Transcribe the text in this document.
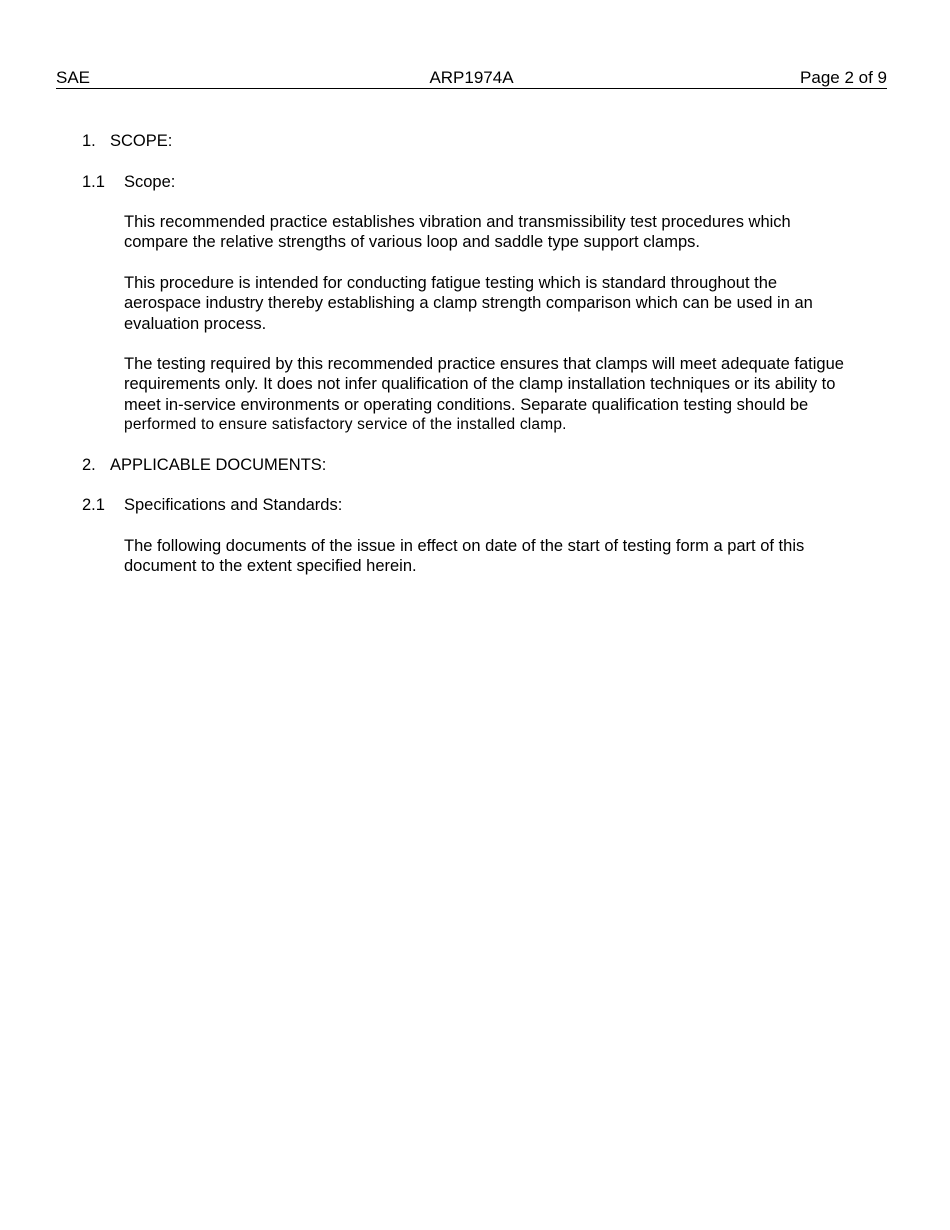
SAE	ARP1974A	Page 2 of 9
1. SCOPE:
1.1 Scope:
This recommended practice establishes vibration and transmissibility test procedures which
compare the relative strengths of various loop and saddle type support clamps.
This procedure is intended for conducting fatigue testing which is standard throughout the
aerospace industry thereby establishing a clamp strength comparison which can be used in an
evaluation process.
The testing required by this recommended practice ensures that clamps will meet adequate fatigue
requirements only. It does not infer qualification of the clamp installation techniques or its ability to
meet in-service environments or operating conditions. Separate qualification testing should be
performed to ensure satisfactory service of the installed clamp.
2. APPLICABLE DOCUMENTS:
2.1 Specifications and Standards:
The following documents of the issue in effect on date of the start of testing form a part of this
document to the extent specified herein.
